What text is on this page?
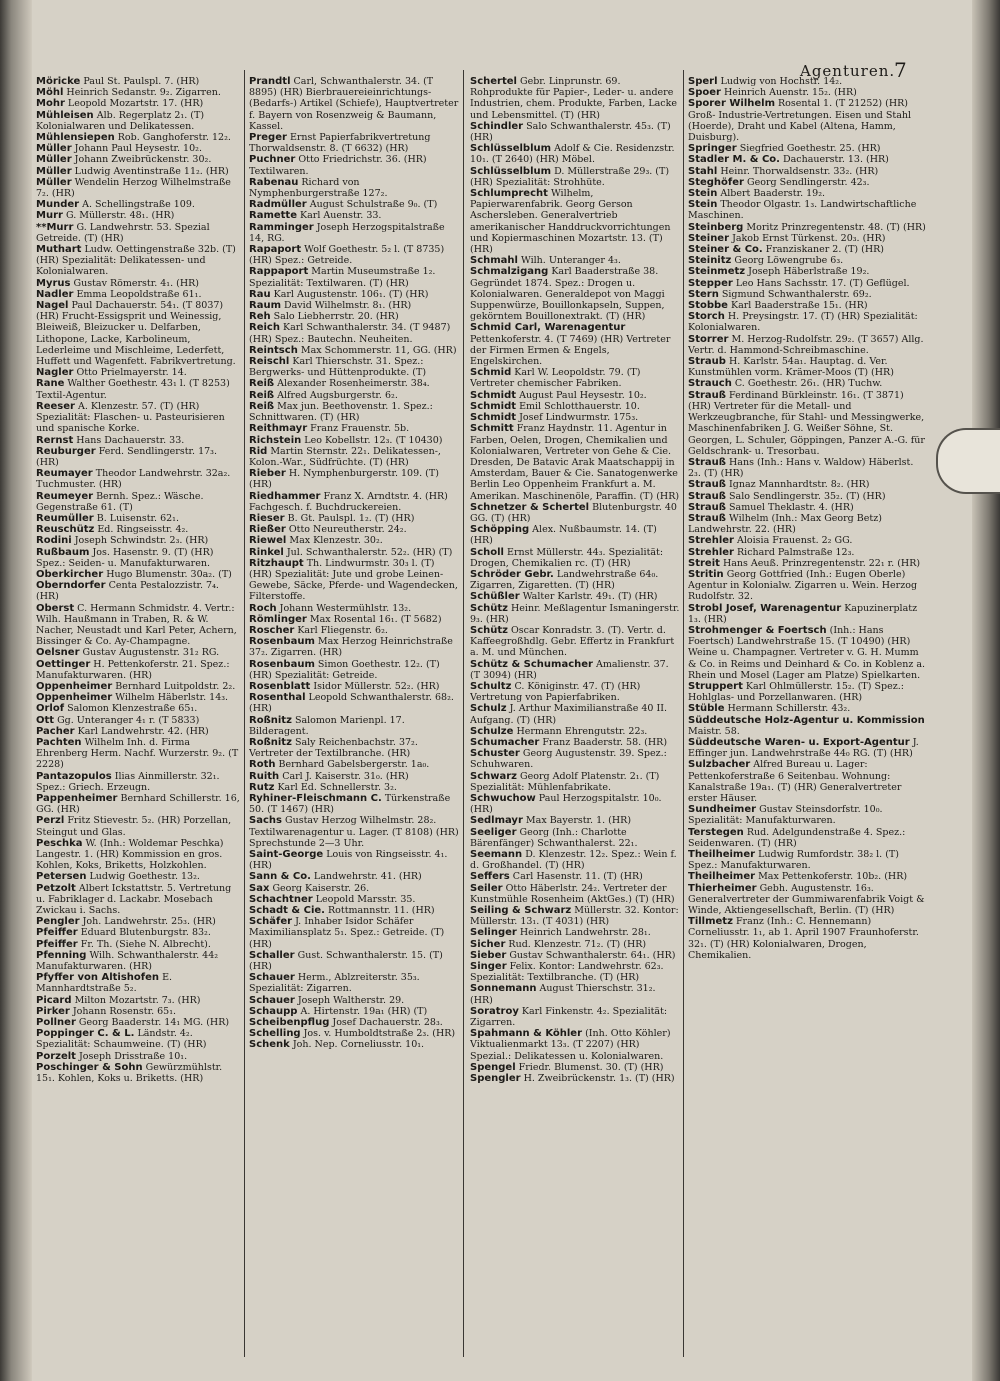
Agenturen.
7

Möricke Paul St. Paulspl. 7. (HR)

Möhl Heinrich Sedanstr. 9₂. Zigarren.

Mohr Leopold Mozartstr. 17. (HR)

Mühleisen Alb. Regerplatz 2₁. (T) Kolonialwaren und Delikatessen.

Mühlensiepen Rob. Ganghoferstr. 12₂.

Müller Johann Paul Heysestr. 10₂.

Müller Johann Zweibrückenstr. 30₂.

Müller Ludwig Aventinstraße 11₂. (HR)

Müller Wendelin Herzog Wilhelmstraße 7₂. (HR)

Munder A. Schellingstraße 109.

Murr G. Müllerstr. 48₁. (HR)

**Murr G. Landwehrstr. 53. Spezial Getreide. (T) (HR)

Muthart Ludw. Oettingenstraße 32b. (T) (HR) Spezialität: Delikatessen- und Kolonialwaren.

Myrus Gustav Römerstr. 4₁. (HR)

Nadler Emma Leopoldstraße 61₁.

Nagel Paul Dachauerstr. 54₁. (T 8037) (HR) Frucht-Essigsprit und Weinessig, Bleiweiß, Bleizucker u. Delfarben, Lithopone, Lacke, Karbolineum, Lederleime und Mischleime, Lederfett, Huffett und Wagenfett. Fabrikvertretung.

Nagler Otto Prielmayerstr. 14.

Rane Walther Goethestr. 43₁ l. (T 8253) Textil-Agentur.

Reeser A. Klenzestr. 57. (T) (HR) Spezialität: Flaschen- u. Pasteurisieren und spanische Korke.

Rernst Hans Dachauerstr. 33.

Reuburger Ferd. Sendlingerstr. 17₃. (HR)

Reumayer Theodor Landwehrstr. 32a₂. Tuchmuster. (HR)

Reumeyer Bernh. Spez.: Wäsche. Gegenstraße 61. (T)

Reumüller B. Luisenstr. 62₁.

Reuschütz Ed. Ringseisstr. 4₂.

Rodini Joseph Schwindstr. 2₃. (HR)

Rußbaum Jos. Hasenstr. 9. (T) (HR) Spez.: Seiden- u. Manufakturwaren.

Oberkircher Hugo Blumenstr. 30a₂. (T)

Oberndorfer Centa Pestalozzistr. 7₄. (HR)

Oberst C. Hermann Schmidstr. 4. Vertr.: Wilh. Haußmann in Traben, R. & W. Nacher, Neustadt und Karl Peter, Achern, Bissinger & Co. Ay-Champagne.

Oelsner Gustav Augustenstr. 31₂ RG.

Oettinger H. Pettenkoferstr. 21. Spez.: Manufakturwaren. (HR)

Oppenheimer Bernhard Luitpoldstr. 2₂.

Oppenheimer Wilhelm Häberlstr. 14₃.

Orlof Salomon Klenzestraße 65₁.

Ott Gg. Unteranger 4₁ r. (T 5833)

Pacher Karl Landwehrstr. 42. (HR)

Pachten Wilhelm Inh. d. Firma Ehrenberg Herm. Nachf. Wurzerstr. 9₂. (T 2228)

Pantazopulos Ilias Ainmillerstr. 32₁. Spez.: Griech. Erzeugn.

Pappenheimer Bernhard Schillerstr. 16, GG. (HR)

Perzl Fritz Stievestr. 5₂. (HR) Porzellan, Steingut und Glas.

Peschka W. (Inh.: Woldemar Peschka) Langestr. 1. (HR) Kommission en gros. Kohlen, Koks, Briketts, Holzkohlen.

Petersen Ludwig Goethestr. 13₂.

Petzolt Albert Ickstattstr. 5. Vertretung u. Fabriklager d. Lackabr. Mosebach Zwickau i. Sachs.

Pengler Joh. Landwehrstr. 25₃. (HR)

Pfeiffer Eduard Blutenburgstr. 83₂.

Pfeiffer Fr. Th. (Siehe N. Albrecht).

Pfenning Wilh. Schwanthalerstr. 44₂ Manufakturwaren. (HR)

Pfyffer von Altishofen E. Mannhardtstraße 5₂.

Picard Milton Mozartstr. 7₃. (HR)

Pirker Johann Rosenstr. 65₁.

Pollner Georg Baaderstr. 14₁ MG. (HR)

Poppinger C. & L. Ländstr. 4₂. Spezialität: Schaumweine. (T) (HR)

Porzelt Joseph Drisstraße 10₁.

Poschinger & Sohn Gewürzmühlstr. 15₁. Kohlen, Koks u. Briketts. (HR)

Prandtl Carl, Schwanthalerstr. 34. (T 8895) (HR) Bierbrauereieinrichtungs- (Bedarfs-) Artikel (Schiefe), Hauptvertreter f. Bayern von Rosenzweig & Baumann, Kassel.

Preger Ernst Papierfabrikvertretung Thorwaldsenstr. 8. (T 6632) (HR)

Puchner Otto Friedrichstr. 36. (HR) Textilwaren.

Rabenau Richard von Nymphenburgerstraße 127₂.

Radmüller August Schulstraße 9₀. (T)

Ramette Karl Auenstr. 33.

Ramminger Joseph Herzogspitalstraße 14, RG.

Rapaport Wolf Goethestr. 5₂ l. (T 8735) (HR) Spez.: Getreide.

Rappaport Martin Museumstraße 1₂. Spezialität: Textilwaren. (T) (HR)

Rau Karl Augustenstr. 106₁. (T) (HR)

Raum David Wilhelmstr. 8₁. (HR)

Reh Salo Liebherrstr. 20. (HR)

Reich Karl Schwanthalerstr. 34. (T 9487) (HR) Spez.: Bautechn. Neuheiten.

Reintsch Max Schommerstr. 11, GG. (HR)

Reischl Karl Thierschstr. 31. Spez.: Bergwerks- und Hüttenprodukte. (T)

Reiß Alexander Rosenheimerstr. 38₄.

Reiß Alfred Augsburgerstr. 6₂.

Reiß Max jun. Beethovenstr. 1. Spez.: Schnittwaren. (T) (HR)

Reithmayr Franz Frauenstr. 5b.

Richstein Leo Kobellstr. 12₃. (T 10430)

Rid Martin Sternstr. 22₁. Delikatessen-, Kolon.-War., Südfrüchte. (T) (HR)

Rieber H. Nymphenburgerstr. 109. (T) (HR)

Riedhammer Franz X. Arndtstr. 4. (HR) Fachgesch. f. Buchdruckereien.

Rieser B. Gt. Paulspl. 1₂. (T) (HR)

Rießer Otto Neureutherstr. 24₂.

Riewel Max Klenzestr. 30₂.

Rinkel Jul. Schwanthalerstr. 52₂. (HR) (T)

Ritzhaupt Th. Lindwurmstr. 30₃ l. (T) (HR) Spezialität: Jute und grobe Leinen-Gewebe, Säcke, Pferde- und Wagendecken, Filterstoffe.

Roch Johann Westermühlstr. 13₂.

Römlinger Max Rosental 16₁. (T 5682)

Roscher Karl Fliegenstr. 6₂.

Rosenbaum Max Herzog Heinrichstraße 37₂. Zigarren. (HR)

Rosenbaum Simon Goethestr. 12₂. (T) (HR) Spezialität: Getreide.

Rosenblatt Isidor Müllerstr. 52₂. (HR)

Rosenthal Leopold Schwanthalerstr. 68₂. (HR)

Roßnitz Salomon Marienpl. 17. Bilderagent.

Roßnitz Saly Reichenbachstr. 37₂. Vertreter der Textilbranche. (HR)

Roth Bernhard Gabelsbergerstr. 1a₀.

Ruith Carl J. Kaiserstr. 31₀. (HR)

Rutz Karl Ed. Schnellerstr. 3₂.

Ryhiner-Fleischmann C. Türkenstraße 50. (T 1467) (HR)

Sachs Gustav Herzog Wilhelmstr. 28₂. Textilwarenagentur u. Lager. (T 8108) (HR) Sprechstunde 2—3 Uhr.

Saint-George Louis von Ringseisstr. 4₁. (HR)

Sann & Co. Landwehrstr. 41. (HR)

Sax Georg Kaiserstr. 26.

Schachtner Leopold Marsstr. 35.

Schadt & Cie. Rottmannstr. 11. (HR)

Schäfer J. Inhaber Isidor Schäfer Maximiliansplatz 5₁. Spez.: Getreide. (T) (HR)

Schaller Gust. Schwanthalerstr. 15. (T) (HR)

Schauer Herm., Ablzreiterstr. 35₃. Spezialität: Zigarren.

Schauer Joseph Waltherstr. 29.

Schaupp A. Hirtenstr. 19a₁ (HR) (T)

Scheibenpflug Josef Dachauerstr. 28₃.

Schelling Jos. v. Humboldtstraße 2₃. (HR)

Schenk Joh. Nep. Corneliusstr. 10₁.

Schertel Gebr. Linprunstr. 69. Rohprodukte für Papier-, Leder- u. andere Industrien, chem. Produkte, Farben, Lacke und Lebensmittel. (T) (HR)

Schindler Salo Schwanthalerstr. 45₃. (T) (HR)

Schlüsselblum Adolf & Cie. Residenzstr. 10₁. (T 2640) (HR) Möbel.

Schlüsselblum D. Müllerstraße 29₃. (T) (HR) Spezialität: Strohhüte.

Schlumprecht Wilhelm, Papierwarenfabrik. Georg Gerson Aschersleben. Generalvertrieb amerikanischer Handdruckvorrichtungen und Kopiermaschinen Mozartstr. 13. (T) (HR)

Schmahl Wilh. Unteranger 4₃.

Schmalzigang Karl Baaderstraße 38. Gegründet 1874. Spez.: Drogen u. Kolonialwaren. Generaldepot von Maggi Suppenwürze, Bouillonkapseln, Suppen, gekörntem Bouillonextrakt. (T) (HR)

Schmid Carl, Warenagentur Pettenkoferstr. 4. (T 7469) (HR) Vertreter der Firmen Ermen & Engels, Engelskirchen.

Schmid Karl W. Leopoldstr. 79. (T) Vertreter chemischer Fabriken.

Schmidt August Paul Heysestr. 10₂.

Schmidt Emil Schlotthauerstr. 10.

Schmidt Josef Lindwurmstr. 175₃.

Schmitt Franz Haydnstr. 11. Agentur in Farben, Oelen, Drogen, Chemikalien und Kolonialwaren, Vertreter von Gehe & Cie. Dresden, De Batavic Arak Maatschappij in Amsterdam, Bauer & Cie. Sanatogenwerke Berlin Leo Oppenheim Frankfurt a. M. Amerikan. Maschinenöle, Paraffin. (T) (HR)

Schnetzer & Schertel Blutenburgstr. 40 GG. (T) (HR)

Schöpping Alex. Nußbaumstr. 14. (T) (HR)

Scholl Ernst Müllerstr. 44₃. Spezialität: Drogen, Chemikalien rc. (T) (HR)

Schröder Gebr. Landwehrstraße 64₀. Zigarren, Zigaretten. (T) (HR)

Schüßler Walter Karlstr. 49₁. (T) (HR)

Schütz Heinr. Meßlagentur Ismaningerstr. 9₃. (HR)

Schütz Oscar Konradstr. 3. (T). Vertr. d. Kaffeegroßhdlg. Gebr. Effertz in Frankfurt a. M. und München.

Schütz & Schumacher Amalienstr. 37. (T 3094) (HR)

Schultz C. Königinstr. 47. (T) (HR) Vertretung von Papierfabriken.

Schulz J. Arthur Maximilianstraße 40 II. Aufgang. (T) (HR)

Schulze Hermann Ehrengutstr. 22₃.

Schumacher Franz Baaderstr. 58. (HR)

Schuster Georg Augustenstr. 39. Spez.: Schuhwaren.

Schwarz Georg Adolf Platenstr. 2₁. (T) Spezialität: Mühlenfabrikate.

Schwuchow Paul Herzogspitalstr. 10₀. (HR)

Sedlmayr Max Bayerstr. 1. (HR)

Seeliger Georg (Inh.: Charlotte Bärenfänger) Schwanthalerst. 22₁.

Seemann D. Klenzestr. 12₂. Spez.: Wein f. d. Großhandel. (T) (HR)

Seffers Carl Hasenstr. 11. (T) (HR)

Seiler Otto Häberlstr. 24₂. Vertreter der Kunstmühle Rosenheim (AktGes.) (T) (HR)

Seiling & Schwarz Müllerstr. 32. Kontor: Müllerstr. 13₁. (T 4031) (HR)

Selinger Heinrich Landwehrstr. 28₁.

Sicher Rud. Klenzestr. 71₂. (T) (HR)

Sieber Gustav Schwanthalerstr. 64₁. (HR)

Singer Felix. Kontor: Landwehrstr. 62₃. Spezialität: Textilbranche. (T) (HR)

Sonnemann August Thierschstr. 31₂. (HR)

Soratroy Karl Finkenstr. 4₂. Spezialität: Zigarren.

Spahmann & Köhler (Inh. Otto Köhler) Viktualienmarkt 13₃. (T 2207) (HR) Spezial.: Delikatessen u. Kolonialwaren.

Spengel Friedr. Blumenst. 30. (T) (HR)

Spengler H. Zweibrückenstr. 1₃. (T) (HR)

Sperl Ludwig von Hochstr. 14₂.

Spoer Heinrich Auenstr. 15₂. (HR)

Sporer Wilhelm Rosental 1. (T 21252) (HR) Groß- Industrie-Vertretungen. Eisen und Stahl (Hoerde), Draht und Kabel (Altena, Hamm, Duisburg).

Springer Siegfried Goethestr. 25. (HR)

Stadler M. & Co. Dachauerstr. 13. (HR)

Stahl Heinr. Thorwaldsenstr. 33₂. (HR)

Steghöfer Georg Sendlingerstr. 42₃.

Stein Albert Baaderstr. 19₂.

Stein Theodor Olgastr. 1₃. Landwirtschaftliche Maschinen.

Steinberg Moritz Prinzregentenstr. 48. (T) (HR)

Steiner Jakob Ernst Türkenst. 20₃. (HR)

Steiner & Co. Franziskaner 2. (T) (HR)

Steinitz Georg Löwengrube 6₃.

Steinmetz Joseph Häberlstraße 19₂.

Stepper Leo Hans Sachsstr. 17. (T) Geflügel.

Stern Sigmund Schwanthalerstr. 69₂.

Stobbe Karl Baaderstraße 15₁. (HR)

Storch H. Preysingstr. 17. (T) (HR) Spezialität: Kolonialwaren.

Storrer M. Herzog-Rudolfstr. 29₂. (T 3657) Allg. Vertr. d. Hammond-Schreibmaschine.

Straub H. Karlstr. 54a₁. Hauptag. d. Ver. Kunstmühlen vorm. Krämer-Moos (T) (HR)

Strauch C. Goethestr. 26₁. (HR) Tuchw.

Strauß Ferdinand Bürkleinstr. 16₁. (T 3871) (HR) Vertreter für die Metall- und Werkzeugbranche, für Stahl- und Messingwerke, Maschinenfabriken J. G. Weißer Söhne, St. Georgen, L. Schuler, Göppingen, Panzer A.-G. für Geldschrank- u. Tresorbau.

Strauß Hans (Inh.: Hans v. Waldow) Häberlst. 2₃. (T) (HR)

Strauß Ignaz Mannhardtstr. 8₂. (HR)

Strauß Salo Sendlingerstr. 35₂. (T) (HR)

Strauß Samuel Theklastr. 4. (HR)

Strauß Wilhelm (Inh.: Max Georg Betz) Landwehrstr. 22. (HR)

Strehler Aloisia Frauenst. 2₂ GG.

Strehler Richard Palmstraße 12₃.

Streit Hans Aeuß. Prinzregentenstr. 22₁ r. (HR)

Stritin Georg Gottfried (Inh.: Eugen Oberle) Agentur in Kolonialw. Zigarren u. Wein. Herzog Rudolfstr. 32.

Strobl Josef, Warenagentur Kapuzinerplatz 1₃. (HR)

Strohmenger & Foertsch (Inh.: Hans Foertsch) Landwehrstraße 15. (T 10490) (HR) Weine u. Champagner. Vertreter v. G. H. Mumm & Co. in Reims und Deinhard & Co. in Koblenz a. Rhein und Mosel (Lager am Platze) Spielkarten.

Struppert Karl Ohlmüllerstr. 15₂. (T) Spez.: Hohlglas- und Porzellanwaren. (HR)

Stüble Hermann Schillerstr. 43₂.

Süddeutsche Holz-Agentur u. Kommission Maistr. 58.

Süddeutsche Waren- u. Export-Agentur J. Effinger jun. Landwehrstraße 44₀ RG. (T) (HR)

Sulzbacher Alfred Bureau u. Lager: Pettenkoferstraße 6 Seitenbau. Wohnung: Kanalstraße 19a₁. (T) (HR) Generalvertreter erster Häuser.

Sundheimer Gustav Steinsdorfstr. 10₀. Spezialität: Manufakturwaren.

Terstegen Rud. Adelgundenstraße 4. Spez.: Seidenwaren. (T) (HR)

Theilheimer Ludwig Rumfordstr. 38₂ l. (T) Spez.: Manufakturwaren.

Theilheimer Max Pettenkoferstr. 10b₂. (HR)

Thierheimer Gebh. Augustenstr. 16₃. Generalvertreter der Gummiwarenfabrik Voigt & Winde, Aktiengesellschaft, Berlin. (T) (HR)

Tillmetz Franz (Inh.: C. Hennemann) Corneliusstr. 1₁, ab 1. April 1907 Fraunhoferstr. 32₁. (T) (HR) Kolonialwaren, Drogen, Chemikalien.
